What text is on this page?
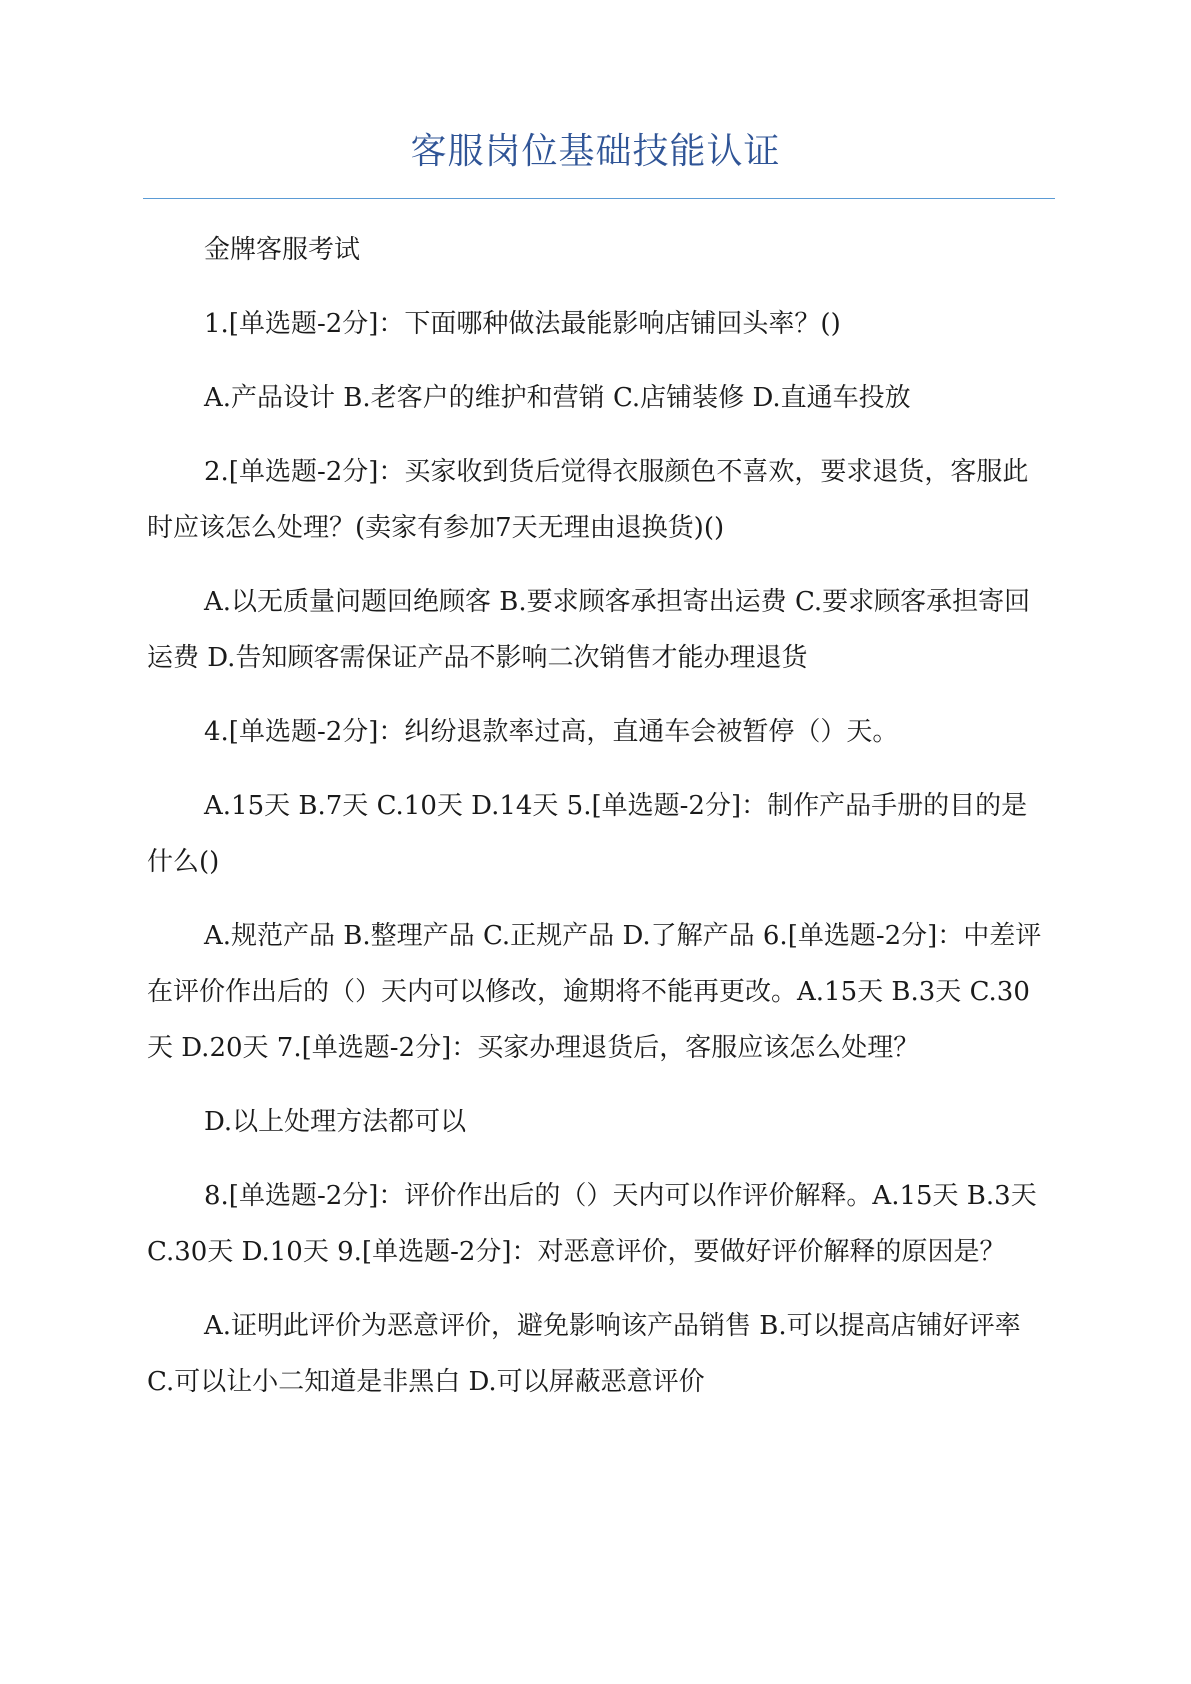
客服岗位基础技能认证

金牌客服考试

1.[单选题-2分]：下面哪种做法最能影响店铺回头率？()

A.产品设计 B.老客户的维护和营销 C.店铺装修 D.直通车投放

2.[单选题-2分]：买家收到货后觉得衣服颜色不喜欢，要求退货，客服此时应该怎么处理？(卖家有参加7天无理由退换货)()

A.以无质量问题回绝顾客 B.要求顾客承担寄出运费 C.要求顾客承担寄回运费 D.告知顾客需保证产品不影响二次销售才能办理退货

4.[单选题-2分]：纠纷退款率过高，直通车会被暂停（）天。

A.15天 B.7天 C.10天 D.14天 5.[单选题-2分]：制作产品手册的目的是什么()

A.规范产品 B.整理产品 C.正规产品 D.了解产品 6.[单选题-2分]：中差评在评价作出后的（）天内可以修改，逾期将不能再更改。A.15天 B.3天 C.30天 D.20天 7.[单选题-2分]：买家办理退货后，客服应该怎么处理？

D.以上处理方法都可以

8.[单选题-2分]：评价作出后的（）天内可以作评价解释。A.15天 B.3天 C.30天 D.10天 9.[单选题-2分]：对恶意评价，要做好评价解释的原因是？

A.证明此评价为恶意评价，避免影响该产品销售 B.可以提高店铺好评率 C.可以让小二知道是非黑白 D.可以屏蔽恶意评价
